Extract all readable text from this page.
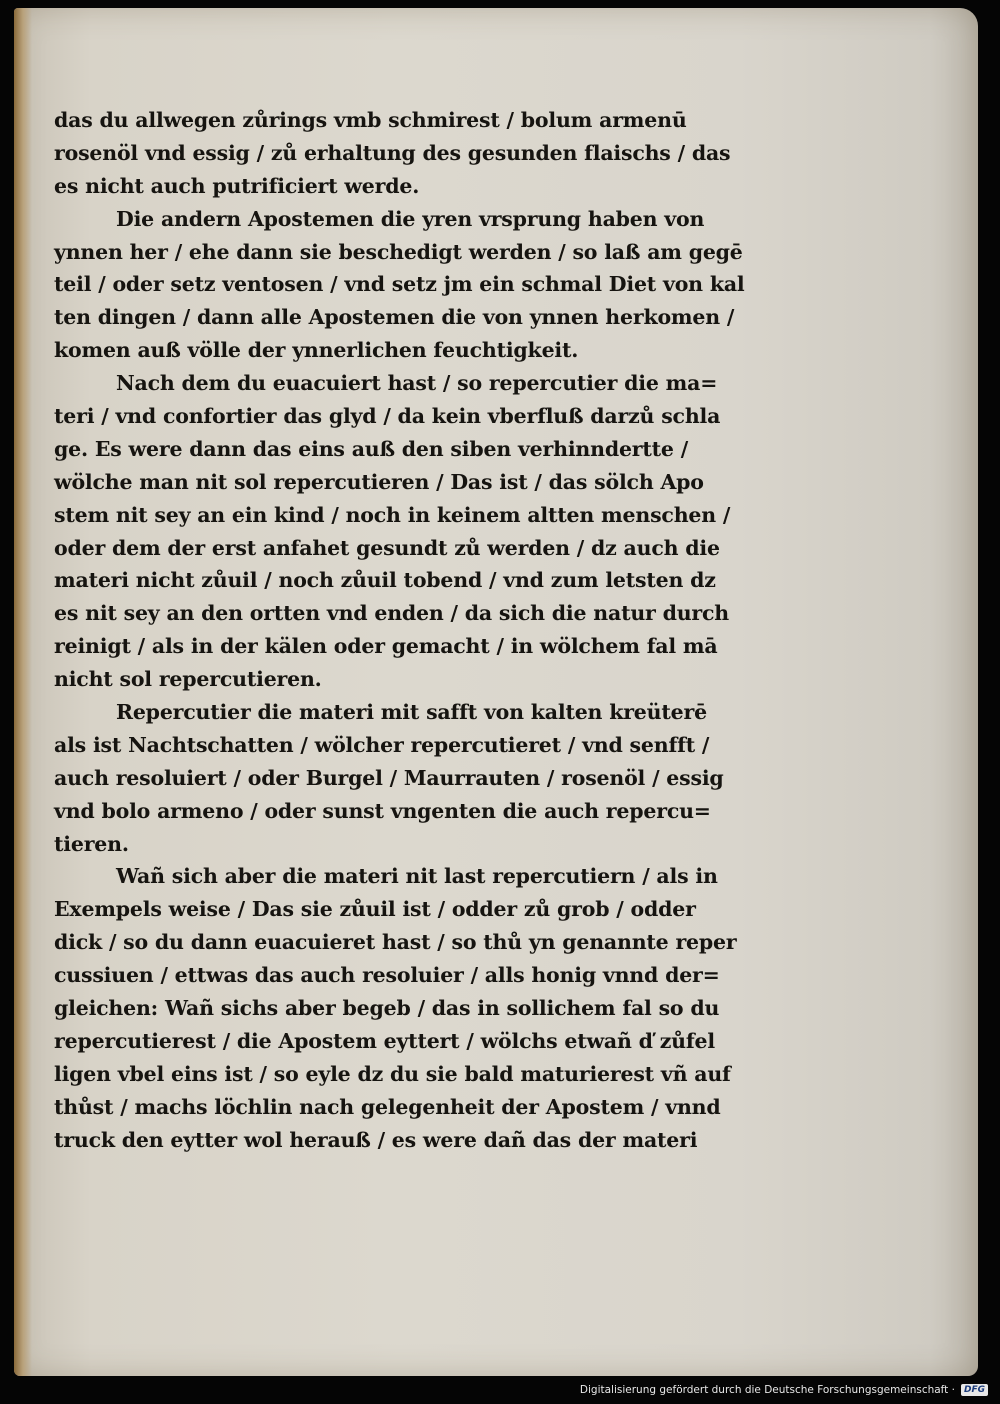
das du allwegen zůrings vmb schmirest / bolum armenū
rosenöl vnd essig / zů erhaltung des gesunden flaischs / das
es nicht auch putrificiert werde.
Die andern Apostemen die yren vrsprung haben von
ynnen her / ehe dann sie beschedigt werden / so laß am gegē
teil / oder setz ventosen / vnd setz jm ein schmal Diet von kal
ten dingen / dann alle Apostemen die von ynnen herkomen /
komen auß völle der ynnerlichen feuchtigkeit.
Nach dem du euacuiert hast / so repercutier die ma=
teri / vnd confortier das glyd / da kein vberfluß darzů schla
ge. Es were dann das eins auß den siben verhinndertte /
wölche man nit sol repercutieren / Das ist / das sölch Apo
stem nit sey an ein kind / noch in keinem altten menschen /
oder dem der erst anfahet gesundt zů werden / dz auch die
materi nicht zůuil / noch zůuil tobend / vnd zum letsten dz
es nit sey an den ortten vnd enden / da sich die natur durch
reinigt / als in der kälen oder gemacht / in wölchem fal mā
nicht sol repercutieren.
Repercutier die materi mit safft von kalten kreüterē
als ist Nachtschatten / wölcher repercutieret / vnd senfft /
auch resoluiert / oder Burgel / Maurrauten / rosenöl / essig
vnd bolo armeno / oder sunst vngenten die auch repercu=
tieren.
Wañ sich aber die materi nit last repercutiern / als in
Exempels weise / Das sie zůuil ist / odder zů grob / odder
dick / so du dann euacuieret hast / so thů yn genannte reper
cussiuen / ettwas das auch resoluier / alls honig vnnd der=
gleichen: Wañ sichs aber begeb / das in sollichem fal so du
repercutierest / die Apostem eyttert / wölchs etwañ ď zůfel
ligen vbel eins ist / so eyle dz du sie bald maturierest vñ auf
thůst / machs löchlin nach gelegenheit der Apostem / vnnd
truck den eytter wol herauß / es were dañ das der materi
Digitalisierung gefördert durch die Deutsche Forschungsgemeinschaft ·	DFG
